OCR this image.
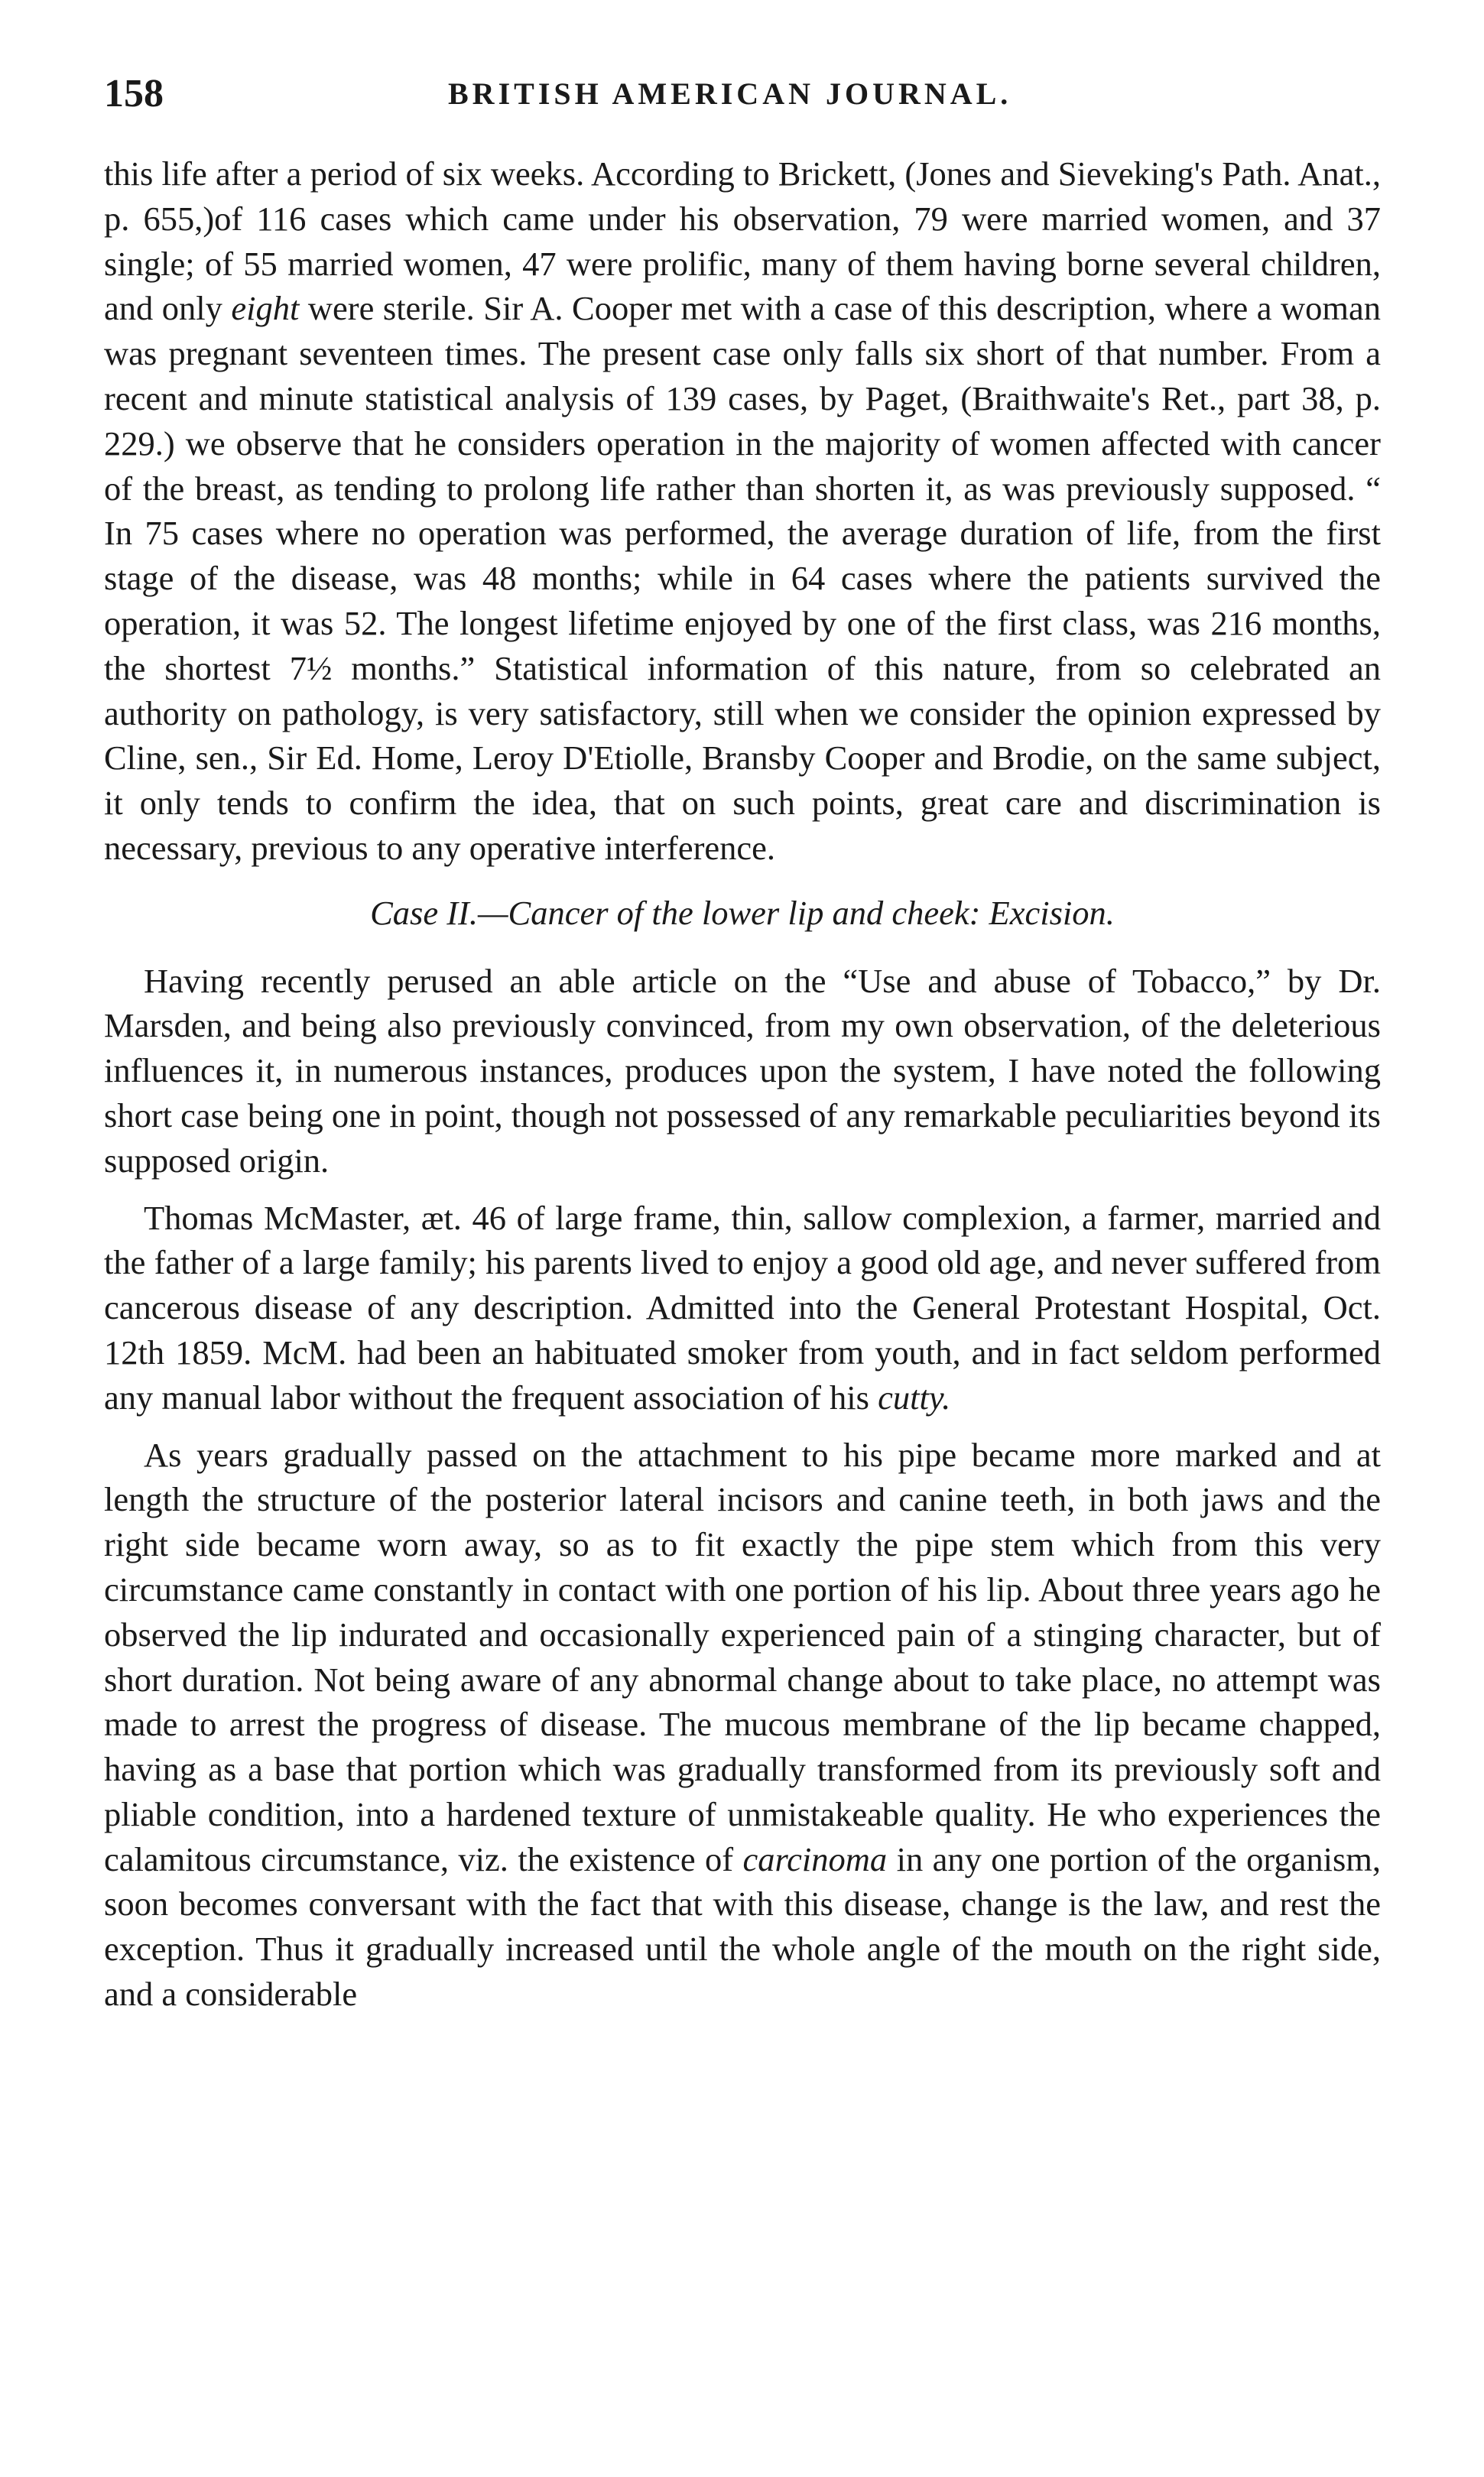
158	BRITISH AMERICAN JOURNAL.

this life after a period of six weeks. According to Brickett, (Jones and Sieveking's Path. Anat., p. 655,)of 116 cases which came under his observation, 79 were married women, and 37 single; of 55 married women, 47 were prolific, many of them having borne several children, and only eight were sterile. Sir A. Cooper met with a case of this description, where a woman was pregnant seventeen times. The present case only falls six short of that number. From a recent and minute statistical analysis of 139 cases, by Paget, (Braithwaite's Ret., part 38, p. 229.) we observe that he considers operation in the majority of women affected with cancer of the breast, as tending to prolong life rather than shorten it, as was previously supposed. “ In 75 cases where no operation was performed, the average duration of life, from the first stage of the disease, was 48 months; while in 64 cases where the patients survived the operation, it was 52. The longest lifetime enjoyed by one of the first class, was 216 months, the shortest 7½ months.” Statistical information of this nature, from so celebrated an authority on pathology, is very satisfactory, still when we consider the opinion expressed by Cline, sen., Sir Ed. Home, Leroy D'Etiolle, Bransby Cooper and Brodie, on the same subject, it only tends to confirm the idea, that on such points, great care and discrimination is necessary, previous to any operative interference.

Case II.—Cancer of the lower lip and cheek: Excision.

Having recently perused an able article on the “Use and abuse of Tobacco,” by Dr. Marsden, and being also previously convinced, from my own observation, of the deleterious influences it, in numerous instances, produces upon the system, I have noted the following short case being one in point, though not possessed of any remarkable peculiarities beyond its supposed origin.

Thomas McMaster, æt. 46 of large frame, thin, sallow complexion, a farmer, married and the father of a large family; his parents lived to enjoy a good old age, and never suffered from cancerous disease of any description. Admitted into the General Protestant Hospital, Oct. 12th 1859. McM. had been an habituated smoker from youth, and in fact seldom performed any manual labor without the frequent association of his cutty.

As years gradually passed on the attachment to his pipe became more marked and at length the structure of the posterior lateral incisors and canine teeth, in both jaws and the right side became worn away, so as to fit exactly the pipe stem which from this very circumstance came constantly in contact with one portion of his lip. About three years ago he observed the lip indurated and occasionally experienced pain of a stinging character, but of short duration. Not being aware of any abnormal change about to take place, no attempt was made to arrest the progress of disease. The mucous membrane of the lip became chapped, having as a base that portion which was gradually transformed from its previously soft and pliable condition, into a hardened texture of unmistakeable quality. He who experiences the calamitous circumstance, viz. the existence of carcinoma in any one portion of the organism, soon becomes conversant with the fact that with this disease, change is the law, and rest the exception. Thus it gradually increased until the whole angle of the mouth on the right side, and a considerable
